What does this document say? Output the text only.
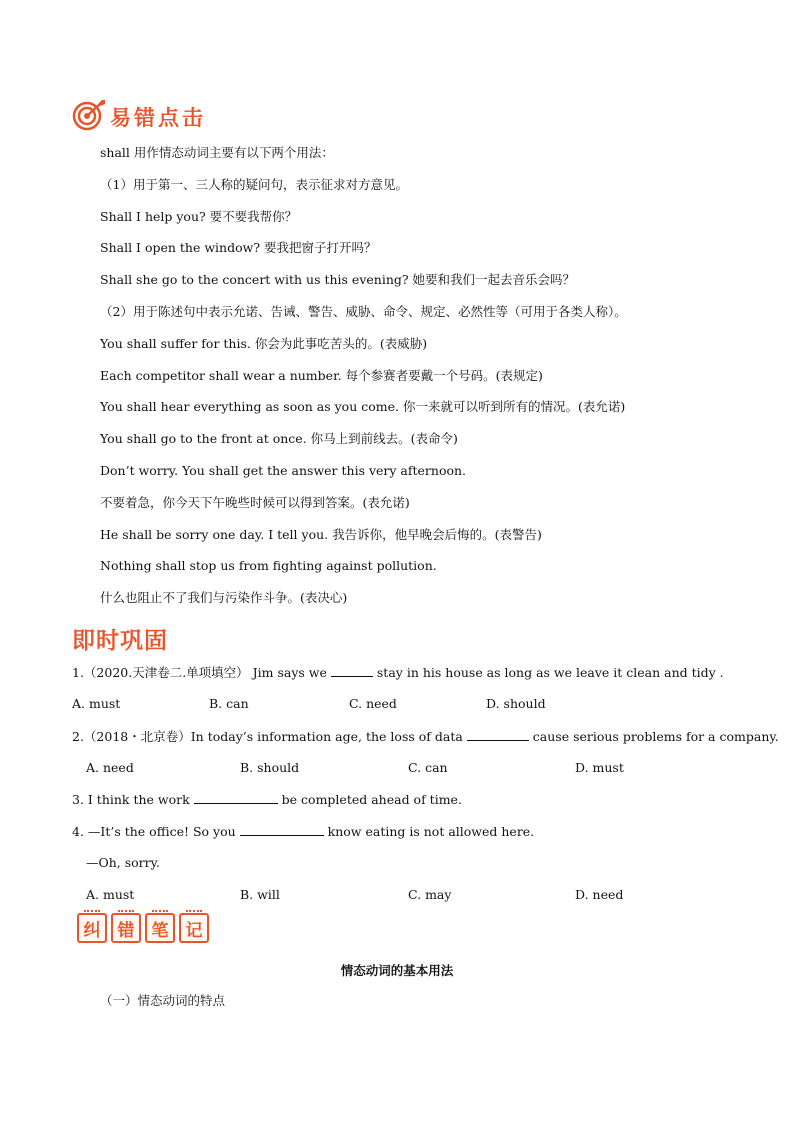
易错点击
shall 用作情态动词主要有以下两个用法：
（1）用于第一、三人称的疑问句，表示征求对方意见。
Shall I help you? 要不要我帮你？
Shall I open the window? 要我把窗子打开吗？
Shall she go to the concert with us this evening? 她要和我们一起去音乐会吗？
（2）用于陈述句中表示允诺、告诫、警告、威胁、命令、规定、必然性等（可用于各类人称）。
You shall suffer for this. 你会为此事吃苦头的。(表威胁)
Each competitor shall wear a number. 每个参赛者要戴一个号码。(表规定)
You shall hear everything as soon as you come. 你一来就可以听到所有的情况。(表允诺)
You shall go to the front at once. 你马上到前线去。(表命令)
Don’t worry. You shall get the answer this very afternoon.
不要着急，你今天下午晚些时候可以得到答案。(表允诺)
He shall be sorry one day. I tell you. 我告诉你，他早晚会后悔的。(表警告)
Nothing shall stop us from fighting against pollution.
什么也阻止不了我们与污染作斗争。(表决心)
即时巩固
1.（2020.天津卷二.单项填空） Jim says we	stay in his house as long as we leave it clean and tidy .
A. must	B. can	C. need	D. should
2.（2018・北京卷）In today’s information age, the loss of data	cause serious problems for a company.
A. need	B. should	C. can	D. must
3. I think the work	be completed ahead of time.
4. —It’s the office! So you	know eating is not allowed here.
—Oh, sorry.
A. must	B. will	C. may	D. need
纠	错	笔	记
情态动词的基本用法
（一）情态动词的特点
